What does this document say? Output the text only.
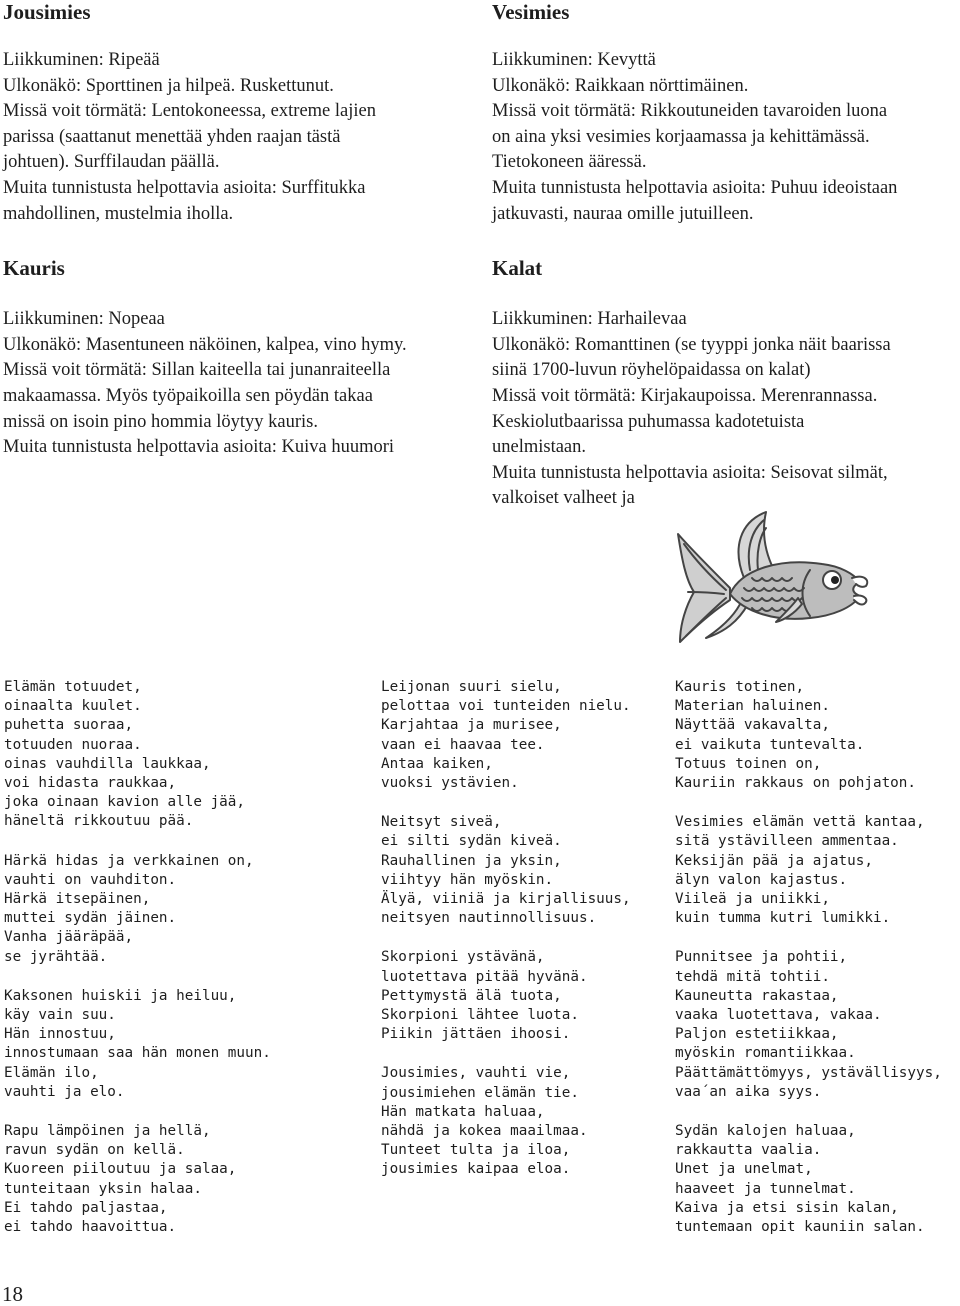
Jousimies

Liikkuminen: Ripeää

Ulkonäkö: Sporttinen ja hilpeä. Ruskettunut.

Missä voit törmätä: Lentokoneessa, extreme lajien

parissa (saattanut menettää yhden raajan tästä

johtuen). Surffilaudan päällä.

Muita tunnistusta helpottavia asioita: Surffitukka

mahdollinen, mustelmia iholla.

Kauris

Liikkuminen: Nopeaa

Ulkonäkö: Masentuneen näköinen, kalpea, vino hymy.

Missä voit törmätä: Sillan kaiteella tai junanraiteella

makaamassa. Myös työpaikoilla sen pöydän takaa

missä on isoin pino hommia löytyy kauris.

Muita tunnistusta helpottavia asioita: Kuiva huumori

Vesimies

Liikkuminen: Kevyttä

Ulkonäkö: Raikkaan nörttimäinen.

Missä voit törmätä: Rikkoutuneiden tavaroiden luona

on aina yksi vesimies korjaamassa ja kehittämässä.

Tietokoneen ääressä.

Muita tunnistusta helpottavia asioita: Puhuu ideoistaan

jatkuvasti, nauraa omille jutuilleen.

Kalat

Liikkuminen: Harhailevaa

Ulkonäkö: Romanttinen (se tyyppi jonka näit baarissa

siinä 1700-luvun röyhelöpaidassa on kalat)

Missä voit törmätä: Kirjakaupoissa. Merenrannassa.

Keskiolutbaarissa puhumassa kadotetuista

unelmistaan.

Muita tunnistusta helpottavia asioita: Seisovat silmät,

valkoiset valheet ja

Elämän totuudet,

oinaalta kuulet.

puhetta suoraa,

totuuden nuoraa.

oinas vauhdilla laukkaa,

voi hidasta raukkaa,

joka oinaan kavion alle jää,

häneltä rikkoutuu pää.

Härkä hidas ja verkkainen on,

vauhti on vauhditon.

Härkä itsepäinen,

muttei sydän jäinen.

Vanha jääräpää,

se jyrähtää.

Kaksonen huiskii ja heiluu,

käy vain suu.

Hän innostuu,

innostumaan saa hän monen muun.

Elämän ilo,

vauhti ja elo.

Rapu lämpöinen ja hellä,

ravun sydän on kellä.

Kuoreen piiloutuu ja salaa,

tunteitaan yksin halaa.

Ei tahdo paljastaa,

ei tahdo haavoittua.

Leijonan suuri sielu,

pelottaa voi tunteiden nielu.

Karjahtaa ja murisee,

vaan ei haavaa tee.

Antaa kaiken,

vuoksi ystävien.

Neitsyt siveä,

ei silti sydän kiveä.

Rauhallinen ja yksin,

viihtyy hän myöskin.

Älyä, viiniä ja kirjallisuus,

neitsyen nautinnollisuus.

Skorpioni ystävänä,

luotettava pitää hyvänä.

Pettymystä älä tuota,

Skorpioni lähtee luota.

Piikin jättäen ihoosi.

Jousimies, vauhti vie,

jousimiehen elämän tie.

Hän matkata haluaa,

nähdä ja kokea maailmaa.

Tunteet tulta ja iloa,

jousimies kaipaa eloa.

Kauris totinen,

Materian haluinen.

Näyttää vakavalta,

ei vaikuta tuntevalta.

Totuus toinen on,

Kauriin rakkaus on pohjaton.

Vesimies elämän vettä kantaa,

sitä ystävilleen ammentaa.

Keksijän pää ja ajatus,

älyn valon kajastus.

Viileä ja uniikki,

kuin tumma kutri lumikki.

Punnitsee ja pohtii,

tehdä mitä tohtii.

Kauneutta rakastaa,

vaaka luotettava, vakaa.

Paljon estetiikkaa,

myöskin romantiikkaa.

Päättämättömyys, ystävällisyys,

vaa´an aika syys.

Sydän kalojen haluaa,

rakkautta vaalia.

Unet ja unelmat,

haaveet ja tunnelmat.

Kaiva ja etsi sisin kalan,

tuntemaan opit kauniin salan.

18
